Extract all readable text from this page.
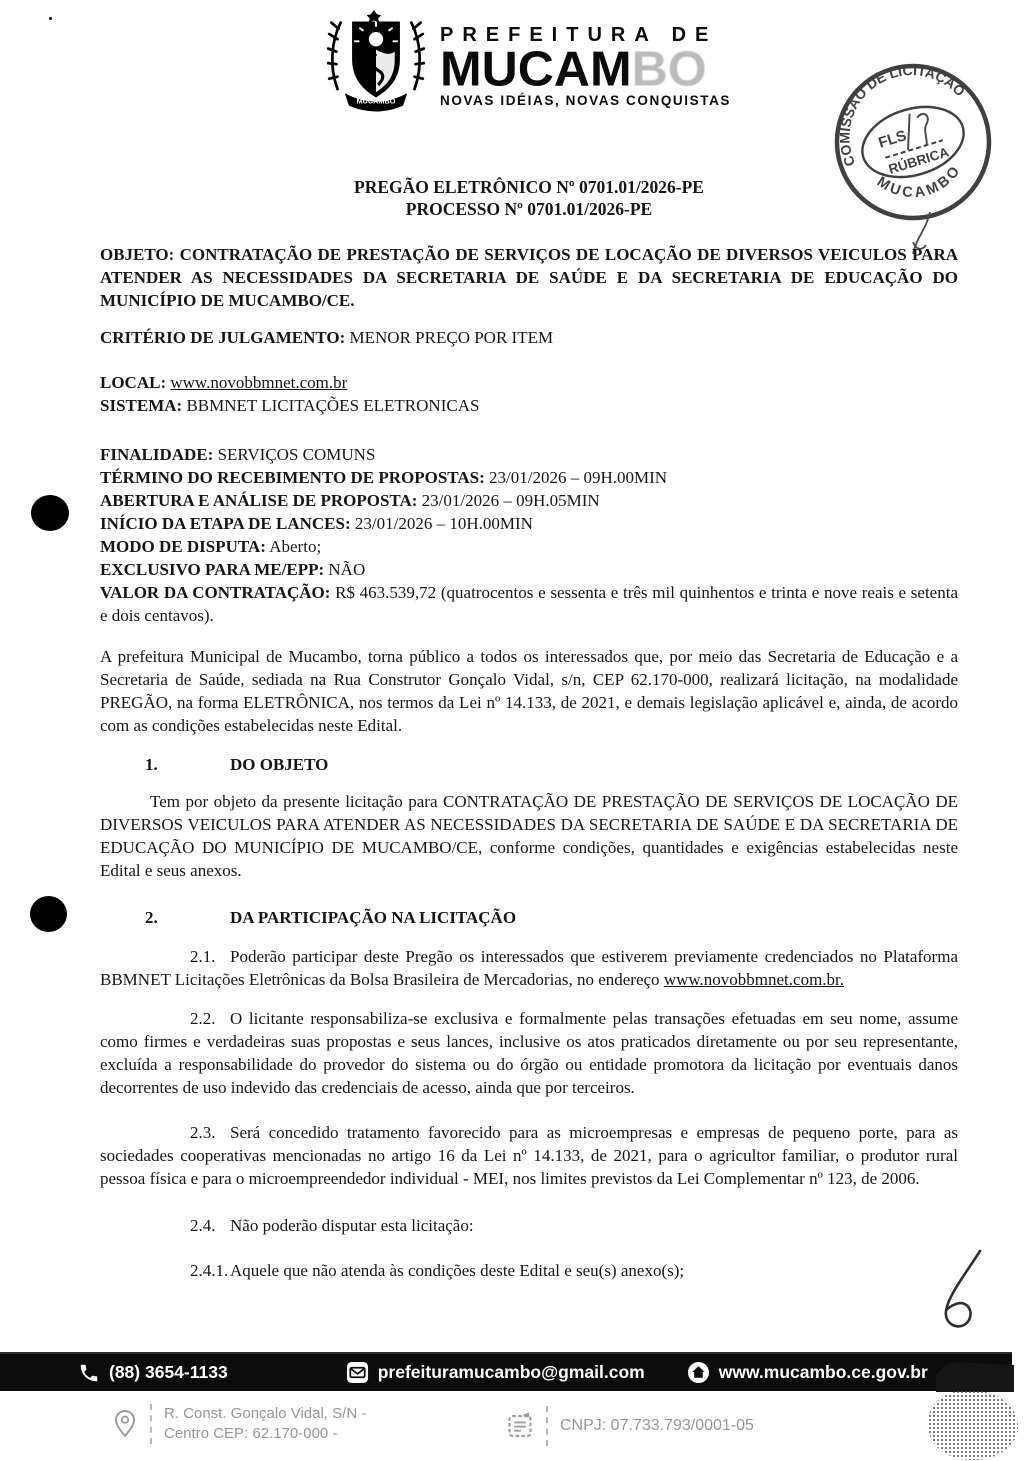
MUCAMBO
PREFEITURA DE
MUCAMBO
NOVAS IDÉIAS, NOVAS CONQUISTAS
COMISSÃO DE LICITAÇÃO
MUCAMBO
FLS
RÚBRICA
PREGÃO ELETRÔNICO Nº 0701.01/2026-PE
PROCESSO Nº 0701.01/2026-PE

OBJETO: CONTRATAÇÃO DE PRESTAÇÃO DE SERVIÇOS DE LOCAÇÃO DE DIVERSOS VEICULOS PARA ATENDER AS NECESSIDADES DA SECRETARIA DE SAÚDE E DA SECRETARIA DE EDUCAÇÃO DO MUNICÍPIO DE MUCAMBO/CE.

CRITÉRIO DE JULGAMENTO: MENOR PREÇO POR ITEM

LOCAL: www.novobbmnet.com.br

SISTEMA: BBMNET LICITAÇÕES ELETRONICAS

FINALIDADE: SERVIÇOS COMUNS

TÉRMINO DO RECEBIMENTO DE PROPOSTAS: 23/01/2026 – 09H.00MIN

ABERTURA E ANÁLISE DE PROPOSTA: 23/01/2026 – 09H.05MIN

INÍCIO DA ETAPA DE LANCES: 23/01/2026 – 10H.00MIN

MODO DE DISPUTA: Aberto;

EXCLUSIVO PARA ME/EPP: NÃO

VALOR DA CONTRATAÇÃO: R$ 463.539,72 (quatrocentos e sessenta e três mil quinhentos e trinta e nove reais e setenta e dois centavos).

A prefeitura Municipal de Mucambo, torna público a todos os interessados que, por meio das Secretaria de Educação e a Secretaria de Saúde, sediada na Rua Construtor Gonçalo Vidal, s/n, CEP 62.170-000, realizará licitação, na modalidade PREGÃO, na forma ELETRÔNICA, nos termos da Lei nº 14.133, de 2021, e demais legislação aplicável e, ainda, de acordo com as condições estabelecidas neste Edital.

1.	DO OBJETO

Tem por objeto da presente licitação para CONTRATAÇÃO DE PRESTAÇÃO DE SERVIÇOS DE LOCAÇÃO DE DIVERSOS VEICULOS PARA ATENDER AS NECESSIDADES DA SECRETARIA DE SAÚDE E DA SECRETARIA DE EDUCAÇÃO DO MUNICÍPIO DE MUCAMBO/CE, conforme condições, quantidades e exigências estabelecidas neste Edital e seus anexos.

2.	DA PARTICIPAÇÃO NA LICITAÇÃO

2.1. Poderão participar deste Pregão os interessados que estiverem previamente credenciados no Plataforma BBMNET Licitações Eletrônicas da Bolsa Brasileira de Mercadorias, no endereço www.novobbmnet.com.br.

2.2. O licitante responsabiliza-se exclusiva e formalmente pelas transações efetuadas em seu nome, assume como firmes e verdadeiras suas propostas e seus lances, inclusive os atos praticados diretamente ou por seu representante, excluída a responsabilidade do provedor do sistema ou do órgão ou entidade promotora da licitação por eventuais danos decorrentes de uso indevido das credenciais de acesso, ainda que por terceiros.

2.3. Será concedido tratamento favorecido para as microempresas e empresas de pequeno porte, para as sociedades cooperativas mencionadas no artigo 16 da Lei nº 14.133, de 2021, para o agricultor familiar, o produtor rural pessoa física e para o microempreendedor individual - MEI, nos limites previstos da Lei Complementar nº 123, de 2006.

2.4. Não poderão disputar esta licitação:

2.4.1. Aquele que não atenda às condições deste Edital e seu(s) anexo(s);

(88) 3654-1133	prefeituramucambo@gmail.com	www.mucambo.ce.gov.br
R. Const. Gonçalo Vidal, S/N -
Centro CEP: 62.170-000 -	CNPJ: 07.733.793/0001-05
